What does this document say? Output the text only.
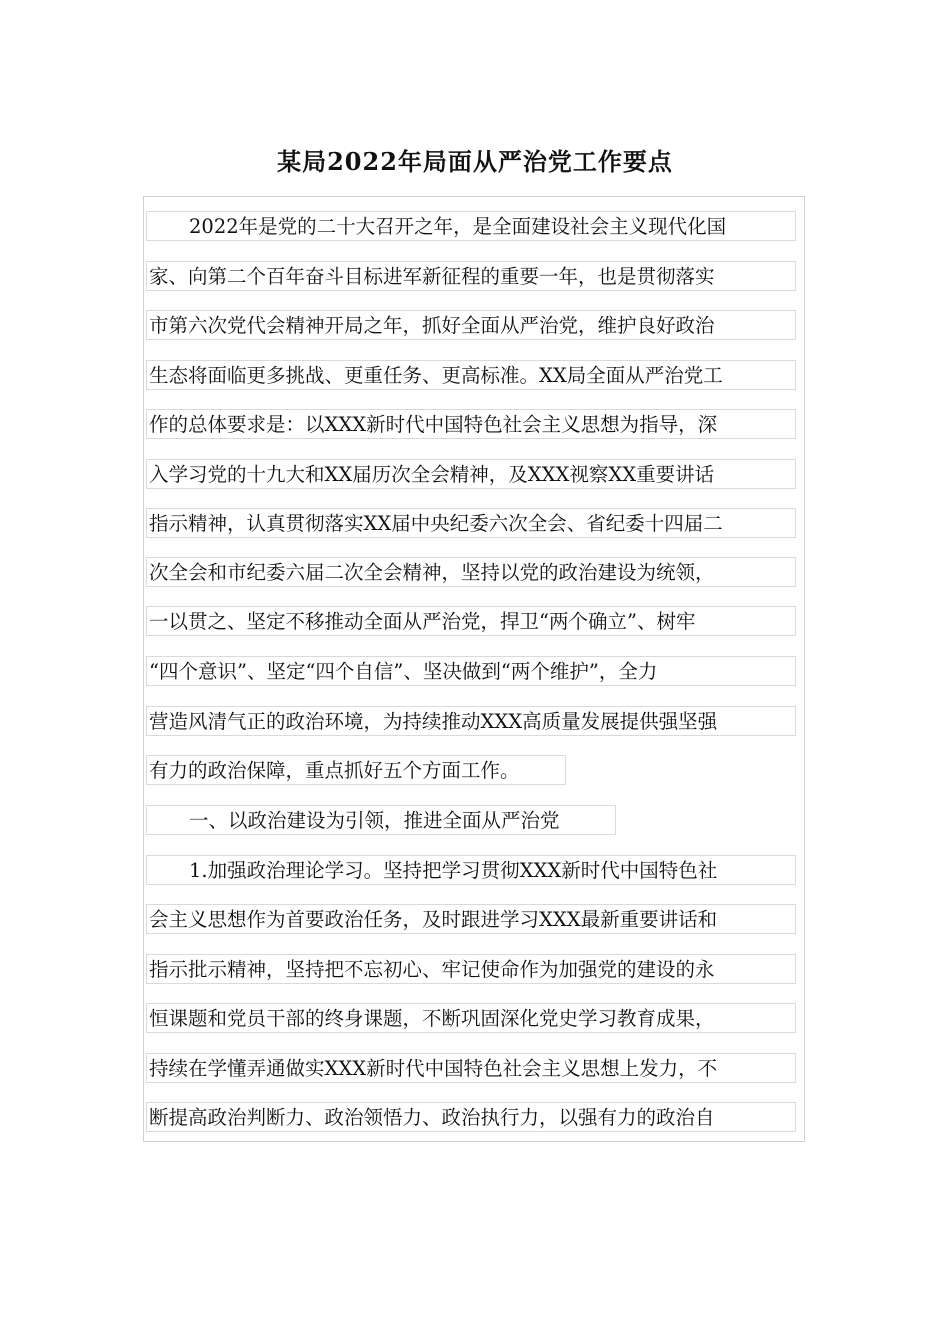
某局2022年局面从严治党工作要点
2022年是党的二十大召开之年，是全面建设社会主义现代化国
家、向第二个百年奋斗目标进军新征程的重要一年，也是贯彻落实
市第六次党代会精神开局之年，抓好全面从严治党，维护良好政治
生态将面临更多挑战、更重任务、更高标准。XX局全面从严治党工
作的总体要求是：以XXX新时代中国特色社会主义思想为指导，深
入学习党的十九大和XX届历次全会精神，及XXX视察XX重要讲话
指示精神，认真贯彻落实XX届中央纪委六次全会、省纪委十四届二
次全会和市纪委六届二次全会精神，坚持以党的政治建设为统领，
一以贯之、坚定不移推动全面从严治党，捍卫“两个确立”、树牢
“四个意识”、坚定“四个自信”、坚决做到“两个维护”，全力
营造风清气正的政治环境，为持续推动XXX高质量发展提供强坚强
有力的政治保障，重点抓好五个方面工作。
一、以政治建设为引领，推进全面从严治党
1.加强政治理论学习。坚持把学习贯彻XXX新时代中国特色社
会主义思想作为首要政治任务，及时跟进学习XXX最新重要讲话和
指示批示精神，坚持把不忘初心、牢记使命作为加强党的建设的永
恒课题和党员干部的终身课题，不断巩固深化党史学习教育成果，
持续在学懂弄通做实XXX新时代中国特色社会主义思想上发力，不
断提高政治判断力、政治领悟力、政治执行力，以强有力的政治自
